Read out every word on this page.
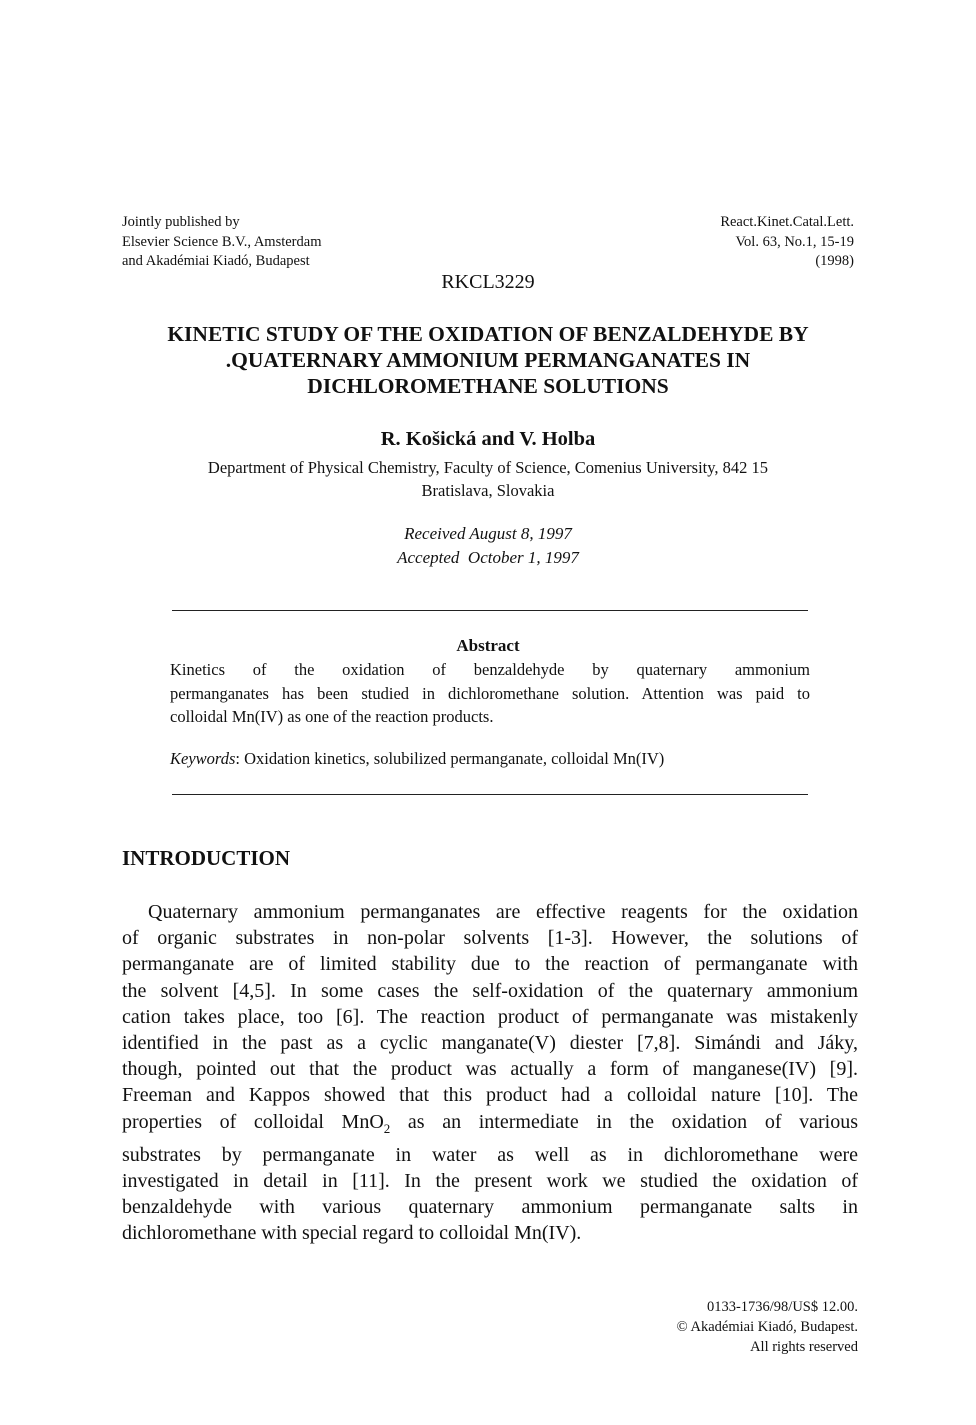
Jointly published by
Elsevier Science B.V., Amsterdam
and Akadémiai Kiadó, Budapest
React.Kinet.Catal.Lett.
Vol. 63, No.1, 15-19
(1998)
RKCL3229
KINETIC STUDY OF THE OXIDATION OF BENZALDEHYDE BY
.QUATERNARY AMMONIUM PERMANGANATES IN
DICHLOROMETHANE SOLUTIONS
R. Košická and V. Holba
Department of Physical Chemistry, Faculty of Science, Comenius University, 842 15
Bratislava, Slovakia
Received August 8, 1997
Accepted  October 1, 1997
Abstract
Kinetics of the oxidation of benzaldehyde by quaternary ammonium
permanganates has been studied in dichloromethane solution. Attention was paid to
colloidal Mn(IV) as one of the reaction products.
Keywords: Oxidation kinetics, solubilized permanganate, colloidal Mn(IV)
INTRODUCTION
Quaternary ammonium permanganates are effective reagents for the oxidation
of organic substrates in non-polar solvents [1-3]. However, the solutions of
permanganate are of limited stability due to the reaction of permanganate with
the solvent [4,5]. In some cases the self-oxidation of the quaternary ammonium
cation takes place, too [6]. The reaction product of permanganate was mistakenly
identified in the past as a cyclic manganate(V) diester [7,8]. Simándi and Jáky,
though, pointed out that the product was actually a form of manganese(IV) [9].
Freeman and Kappos showed that this product had a colloidal nature [10]. The
properties of colloidal MnO$_2$ as an intermediate in the oxidation of various
substrates by permanganate in water as well as in dichloromethane were
investigated in detail in [11]. In the present work we studied the oxidation of
benzaldehyde with various quaternary ammonium permanganate salts in
dichloromethane with special regard to colloidal Mn(IV).
0133-1736/98/US$ 12.00.
© Akadémiai Kiadó, Budapest.
All rights reserved
